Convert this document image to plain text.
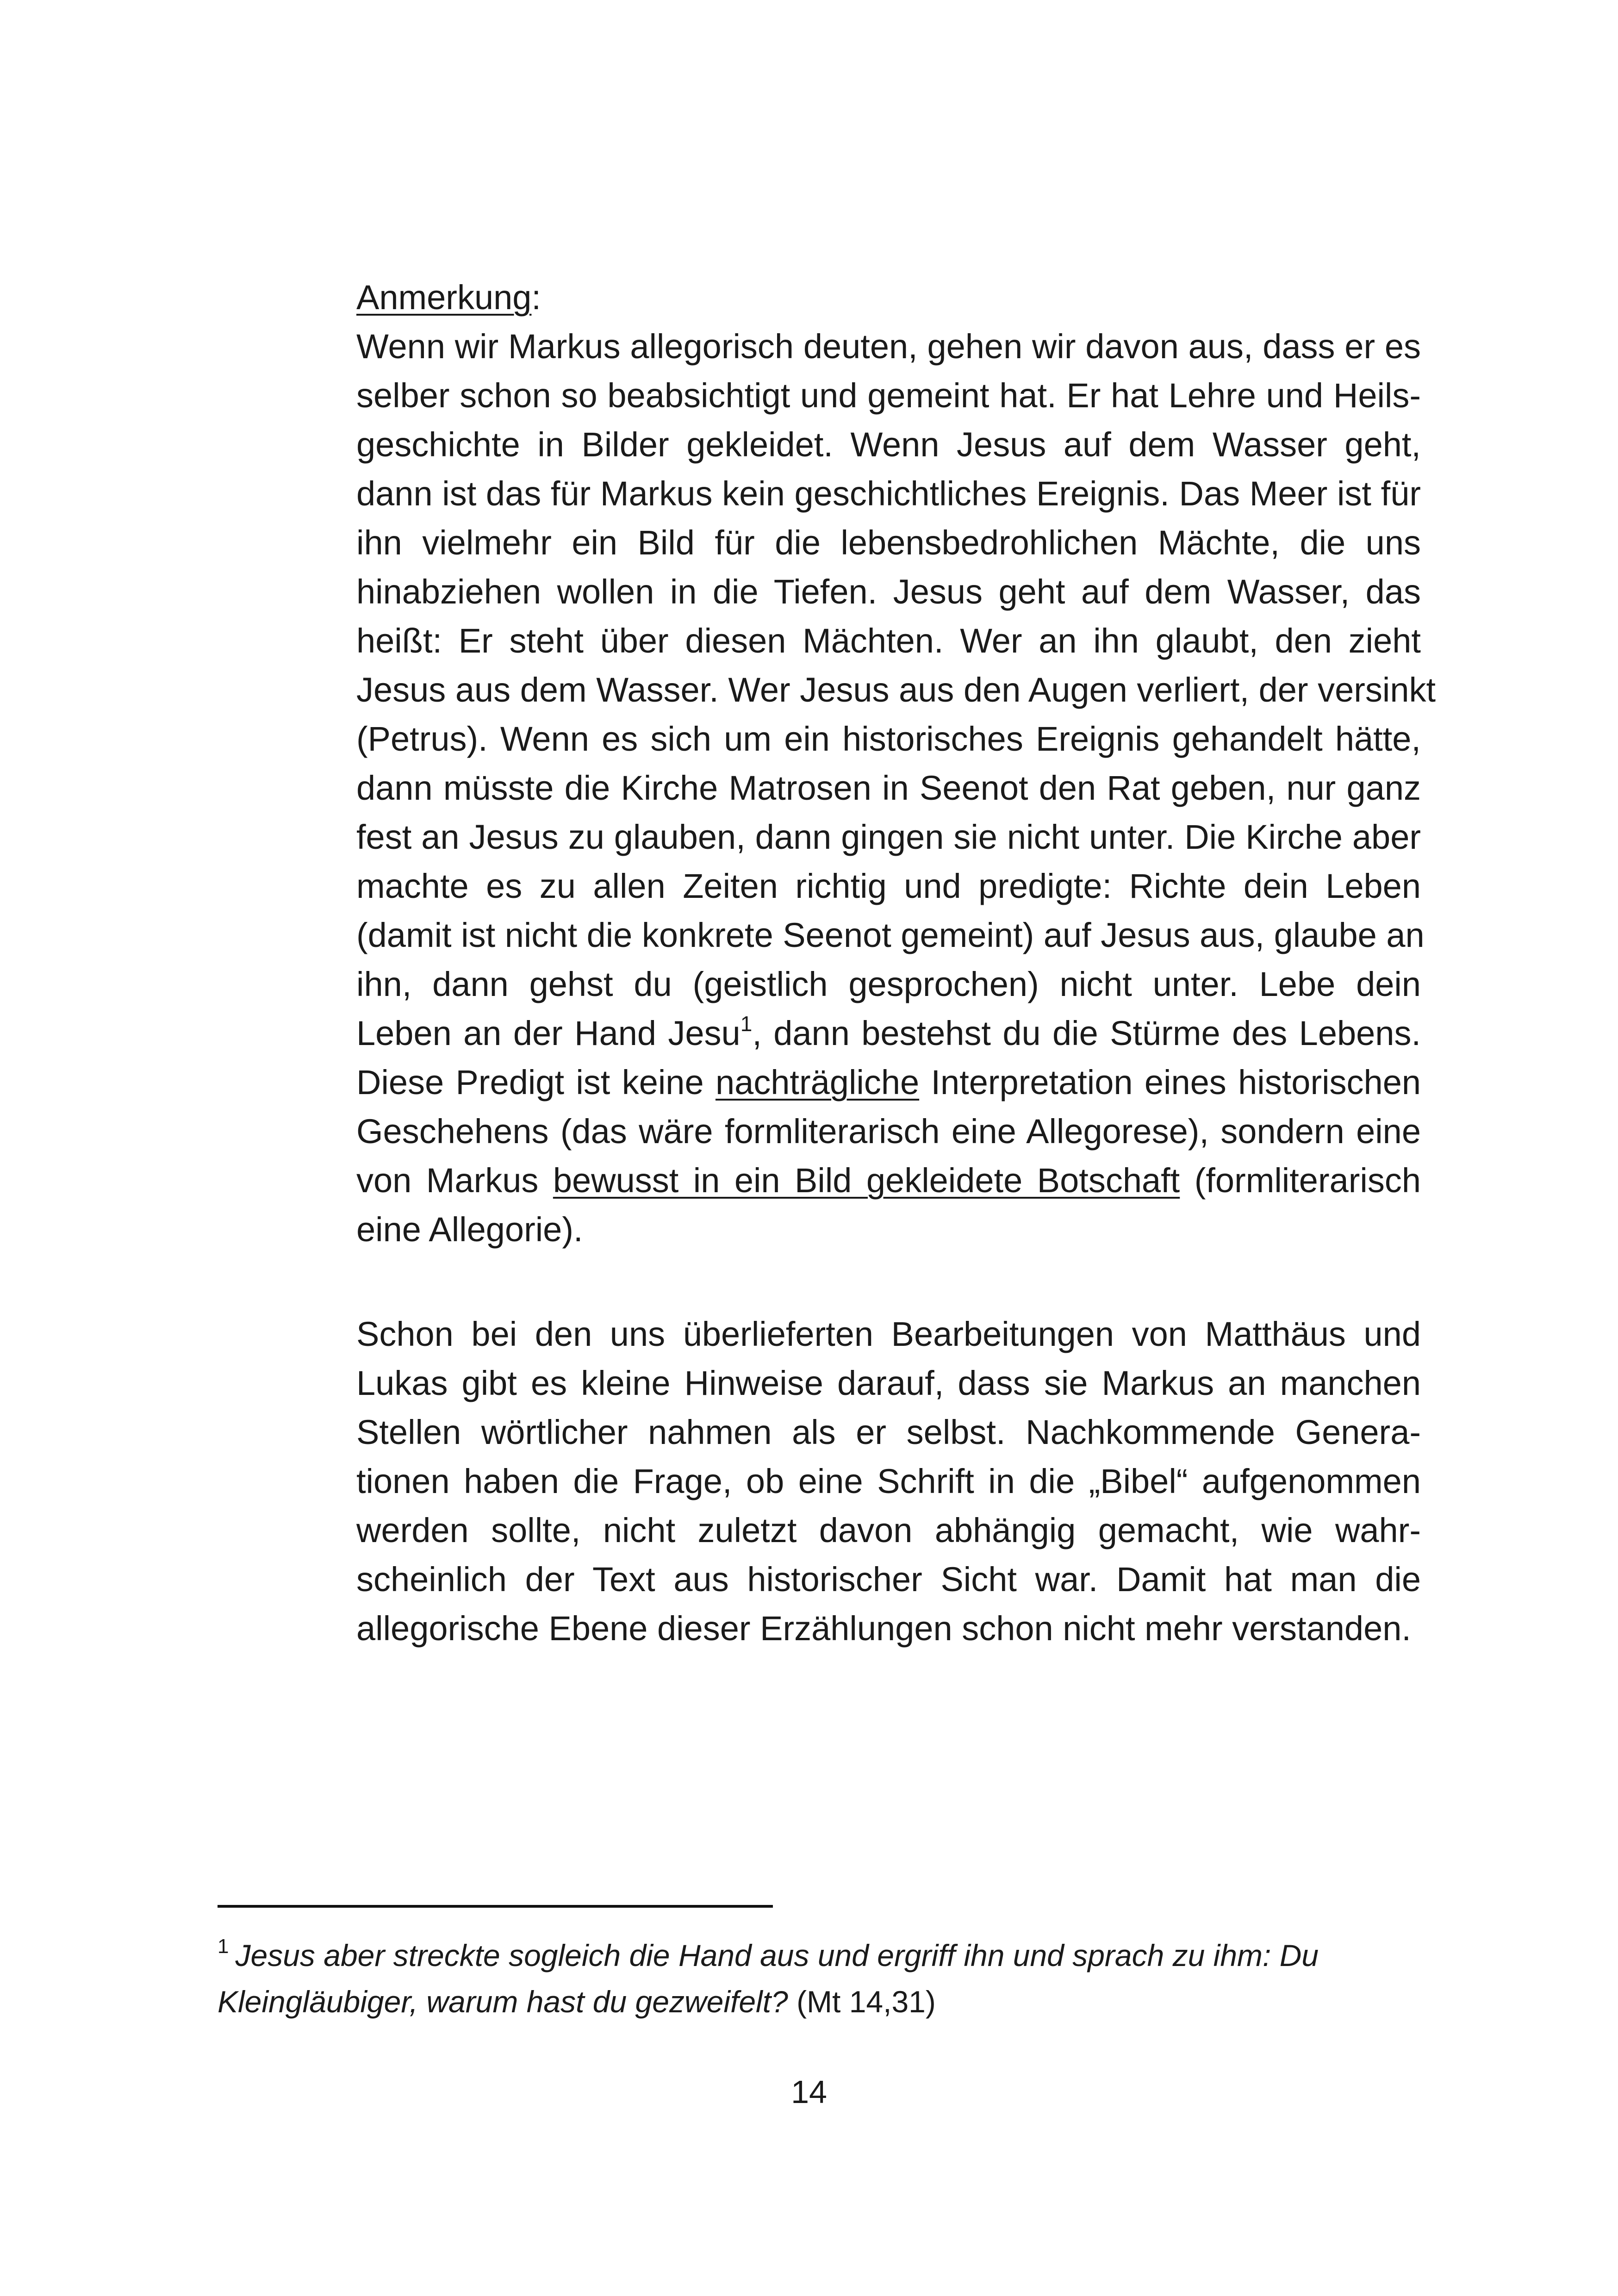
Anmerkung:
Wenn wir Markus allegorisch deuten, gehen wir davon aus, dass er es
selber schon so beabsichtigt und gemeint hat. Er hat Lehre und Heils-
geschichte in Bilder gekleidet. Wenn Jesus auf dem Wasser geht,
dann ist das für Markus kein geschichtliches Ereignis. Das Meer ist für
ihn vielmehr ein Bild für die lebensbedrohlichen Mächte, die uns
hinabziehen wollen in die Tiefen. Jesus geht auf dem Wasser, das
heißt: Er steht über diesen Mächten. Wer an ihn glaubt, den zieht
Jesus aus dem Wasser. Wer Jesus aus den Augen verliert, der versinkt
(Petrus). Wenn es sich um ein historisches Ereignis gehandelt hätte,
dann müsste die Kirche Matrosen in Seenot den Rat geben, nur ganz
fest an Jesus zu glauben, dann gingen sie nicht unter. Die Kirche aber
machte es zu allen Zeiten richtig und predigte: Richte dein Leben
(damit ist nicht die konkrete Seenot gemeint) auf Jesus aus, glaube an
ihn, dann gehst du (geistlich gesprochen) nicht unter. Lebe dein
Leben an der Hand Jesu$^1$, dann bestehst du die Stürme des Lebens.
Diese Predigt ist keine nachträgliche Interpretation eines historischen
Geschehens (das wäre formliterarisch eine Allegorese), sondern eine
von Markus bewusst in ein Bild gekleidete Botschaft (formliterarisch
eine Allegorie).
Schon bei den uns überlieferten Bearbeitungen von Matthäus und
Lukas gibt es kleine Hinweise darauf, dass sie Markus an manchen
Stellen wörtlicher nahmen als er selbst. Nachkommende Genera-
tionen haben die Frage, ob eine Schrift in die „Bibel“ aufgenommen
werden sollte, nicht zuletzt davon abhängig gemacht, wie wahr-
scheinlich der Text aus historischer Sicht war. Damit hat man die
allegorische Ebene dieser Erzählungen schon nicht mehr verstanden.
$^1$ Jesus aber streckte sogleich die Hand aus und ergriff ihn und sprach zu ihm: Du
Kleingläubiger, warum hast du gezweifelt? (Mt 14,31)
14
